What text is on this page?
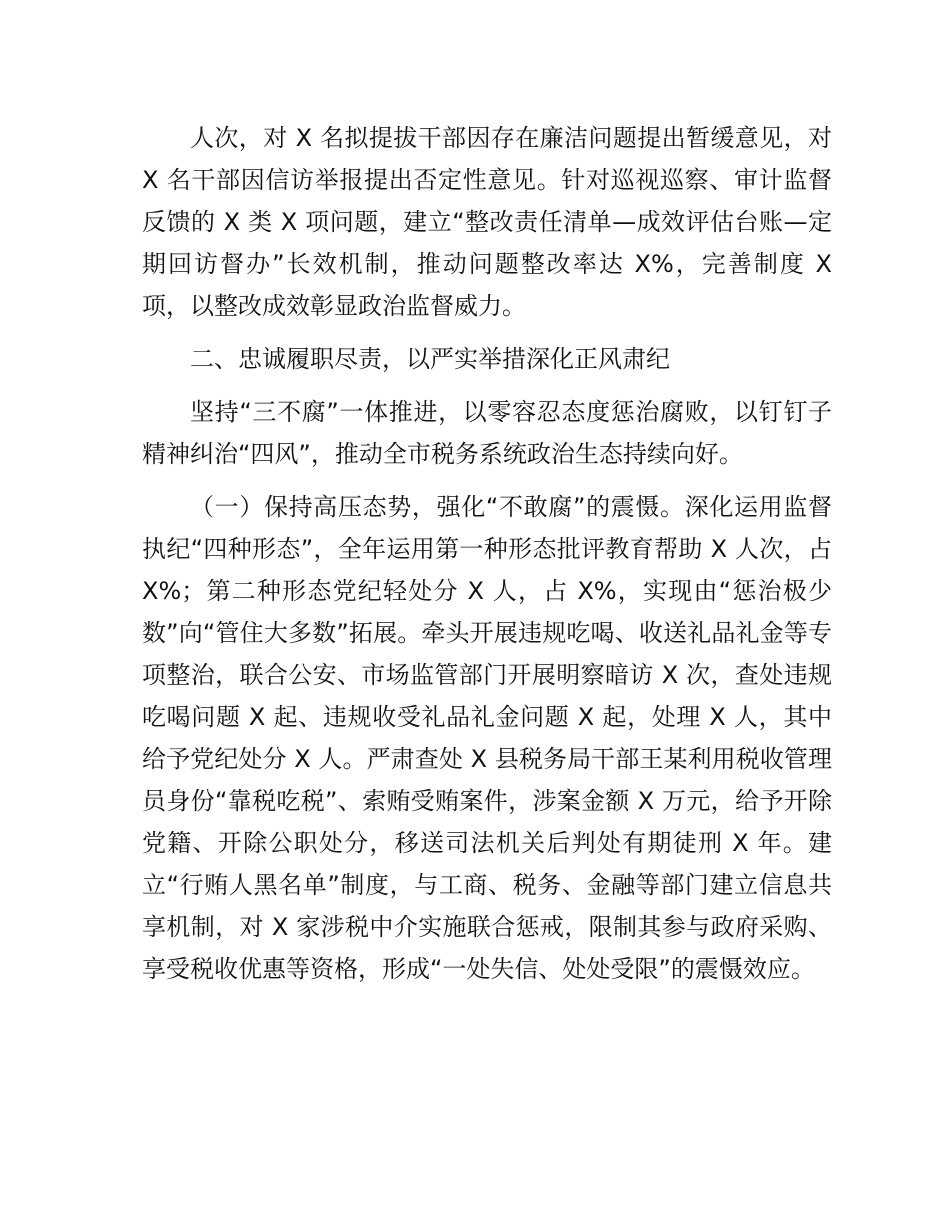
人次，对 X 名拟提拔干部因存在廉洁问题提出暂缓意见，对 X 名干部因信访举报提出否定性意见。针对巡视巡察、审计监督反馈的 X 类 X 项问题，建立“整改责任清单—成效评估台账—定期回访督办”长效机制，推动问题整改率达 X%，完善制度 X 项，以整改成效彰显政治监督威力。

二、忠诚履职尽责，以严实举措深化正风肃纪

坚持“三不腐”一体推进，以零容忍态度惩治腐败，以钉钉子精神纠治“四风”，推动全市税务系统政治生态持续向好。

（一）保持高压态势，强化“不敢腐”的震慑。深化运用监督执纪“四种形态”，全年运用第一种形态批评教育帮助 X 人次，占 X%；第二种形态党纪轻处分 X 人，占 X%，实现由“惩治极少数”向“管住大多数”拓展。牵头开展违规吃喝、收送礼品礼金等专项整治，联合公安、市场监管部门开展明察暗访 X 次，查处违规吃喝问题 X 起、违规收受礼品礼金问题 X 起，处理 X 人，其中给予党纪处分 X 人。严肃查处 X 县税务局干部王某利用税收管理员身份“靠税吃税”、索贿受贿案件，涉案金额 X 万元，给予开除党籍、开除公职处分，移送司法机关后判处有期徒刑 X 年。建立“行贿人黑名单”制度，与工商、税务、金融等部门建立信息共享机制，对 X 家涉税中介实施联合惩戒，限制其参与政府采购、享受税收优惠等资格，形成“一处失信、处处受限”的震慑效应。
